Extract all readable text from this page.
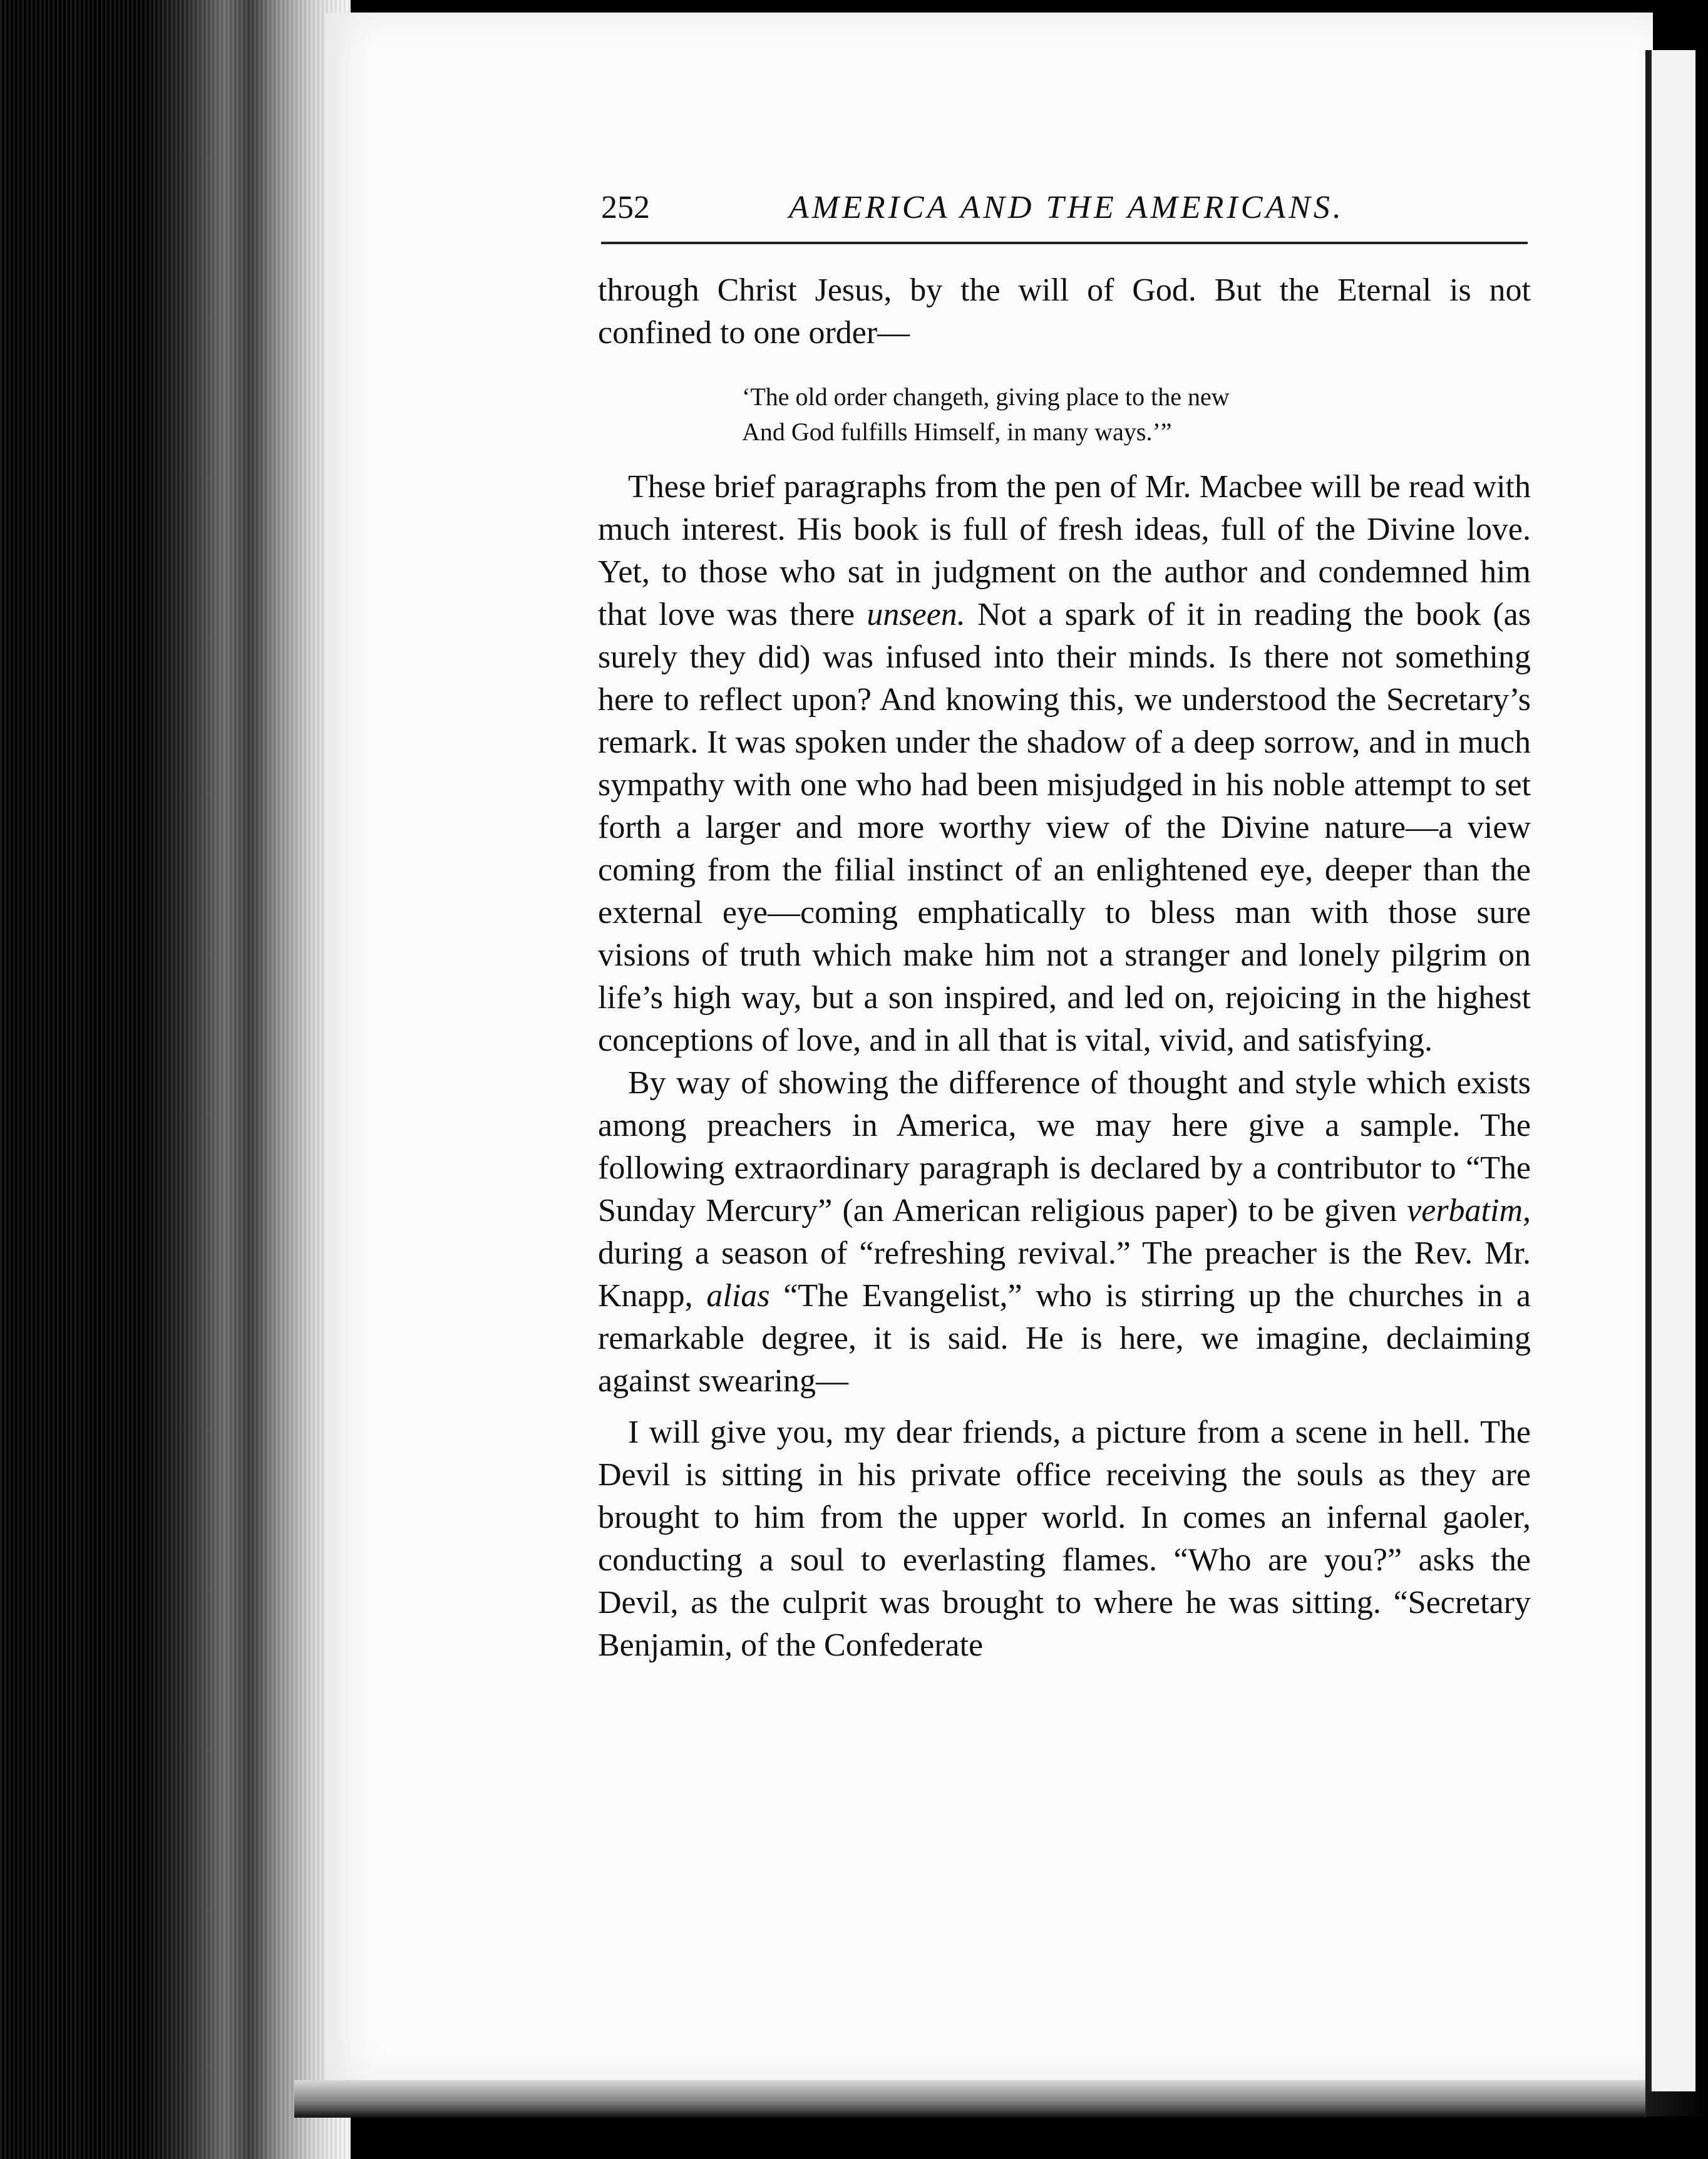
252	AMERICA AND THE AMERICANS.

through Christ Jesus, by the will of God. But the Eternal is not confined to one order—

‘The old order changeth, giving place to the new
And God fulfills Himself, in many ways.’”

These brief paragraphs from the pen of Mr. Macbee will be read with much interest. His book is full of fresh ideas, full of the Divine love. Yet, to those who sat in judgment on the author and condemned him that love was there unseen. Not a spark of it in reading the book (as surely they did) was infused into their minds. Is there not something here to reflect upon? And knowing this, we understood the Secretary’s remark. It was spoken under the shadow of a deep sorrow, and in much sympathy with one who had been misjudged in his noble attempt to set forth a larger and more worthy view of the Divine nature—a view coming from the filial instinct of an enlightened eye, deeper than the external eye—coming emphatically to bless man with those sure visions of truth which make him not a stranger and lonely pilgrim on life’s high way, but a son inspired, and led on, rejoicing in the highest conceptions of love, and in all that is vital, vivid, and satisfying.

By way of showing the difference of thought and style which exists among preachers in America, we may here give a sample. The following extraordinary paragraph is declared by a contributor to “The Sunday Mercury” (an American religious paper) to be given verbatim, during a season of “refreshing revival.” The preacher is the Rev. Mr. Knapp, alias “The Evangelist,” who is stirring up the churches in a remarkable degree, it is said. He is here, we imagine, declaiming against swearing—

I will give you, my dear friends, a picture from a scene in hell. The Devil is sitting in his private office receiving the souls as they are brought to him from the upper world. In comes an infernal gaoler, conducting a soul to everlasting flames. “Who are you?” asks the Devil, as the culprit was brought to where he was sitting. “Secretary Benjamin, of the Confederate
